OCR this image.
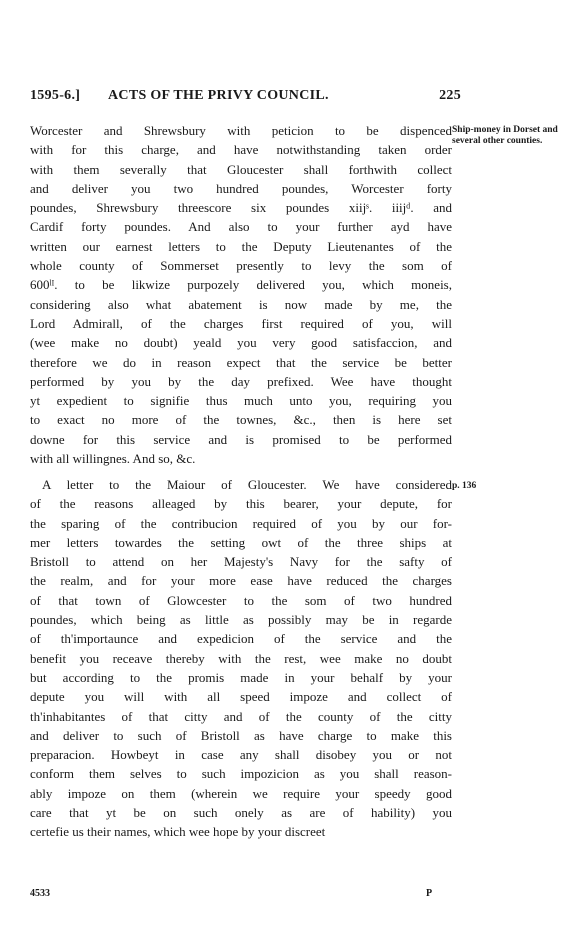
1595-6.] ACTS OF THE PRIVY COUNCIL.	225
Ship-money in Dorset and several other counties.
Worcester and Shrewsbury with peticion to be dispenced
with for this charge, and have notwithstanding taken order
with them severally that Gloucester shall forthwith collect
and deliver you two hundred poundes, Worcester forty
poundes, Shrewsbury threescore six poundes xiijˢ. iiijᵈ. and
Cardif forty poundes. And also to your further ayd have
written our earnest letters to the Deputy Lieutenantes of the
whole county of Sommerset presently to levy the som of
600ˡᴵ. to be likwize purpozely delivered you, which moneis,
considering also what abatement is now made by me, the
Lord Admirall, of the charges first required of you, will
(wee make no doubt) yeald you very good satisfaccion, and
therefore we do in reason expect that the service be better
performed by you by the day prefixed. Wee have thought
yt expedient to signifie thus much unto you, requiring you
to exact no more of the townes, &c., then is here set
downe for this service and is promised to be performed
with all willingnes. And so, &c.
p. 136
A letter to the Maiour of Gloucester. We have considered
of the reasons alleaged by this bearer, your depute, for
the sparing of the contribucion required of you by our for-
mer letters towardes the setting owt of the three ships at
Bristoll to attend on her Majesty's Navy for the safty of
the realm, and for your more ease have reduced the charges
of that town of Glowcester to the som of two hundred
poundes, which being as little as possibly may be in regarde
of th'importaunce and expedicion of the service and the
benefit you receave thereby with the rest, wee make no doubt
but according to the promis made in your behalf by your
depute you will with all speed impoze and collect of
th'inhabitantes of that citty and of the county of the citty
and deliver to such of Bristoll as have charge to make this
preparacion. Howbeyt in case any shall disobey you or not
conform them selves to such impozicion as you shall reason-
ably impoze on them (wherein we require your speedy good
care that yt be on such onely as are of hability) you
certefie us their names, which wee hope by your discreet
4533	P
